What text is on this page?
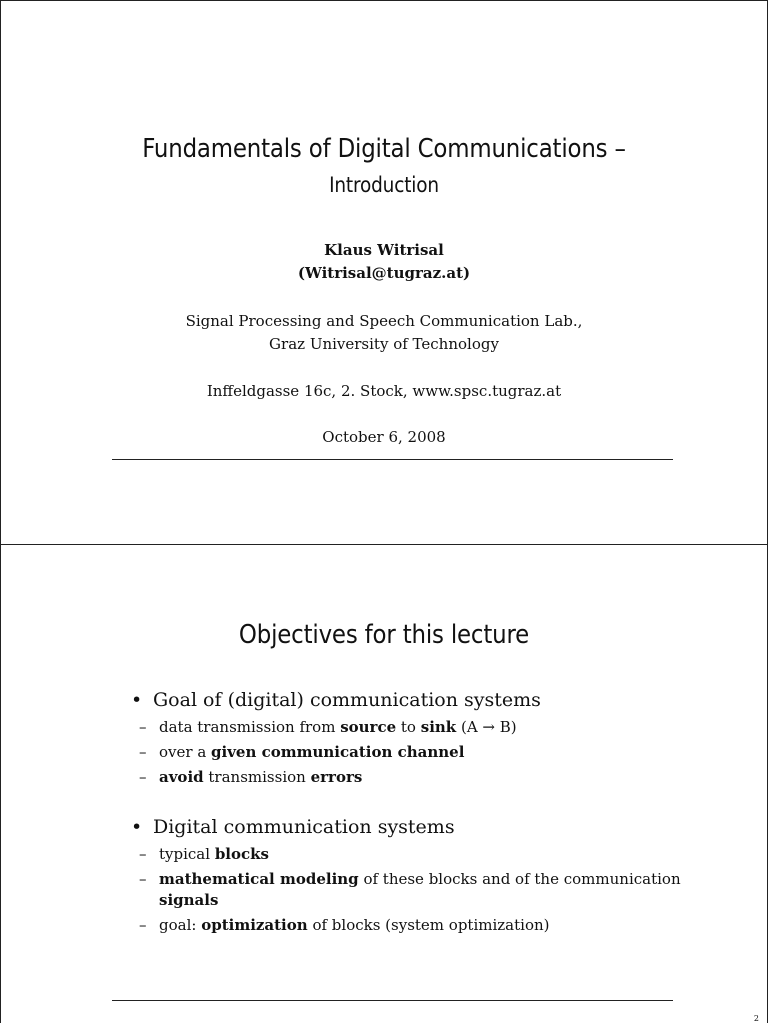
Fundamentals of Digital Communications –
Introduction
Klaus Witrisal
(Witrisal@tugraz.at)
Signal Processing and Speech Communication Lab.,
Graz University of Technology
Inffeldgasse 16c, 2. Stock, www.spsc.tugraz.at
October 6, 2008
Objectives for this lecture
• Goal of (digital) communication systems
– data transmission from source to sink (A → B)
– over a given communication channel
– avoid transmission errors
• Digital communication systems
– typical blocks
– mathematical modeling of these blocks and of the communication signals
– goal: optimization of blocks (system optimization)
2
